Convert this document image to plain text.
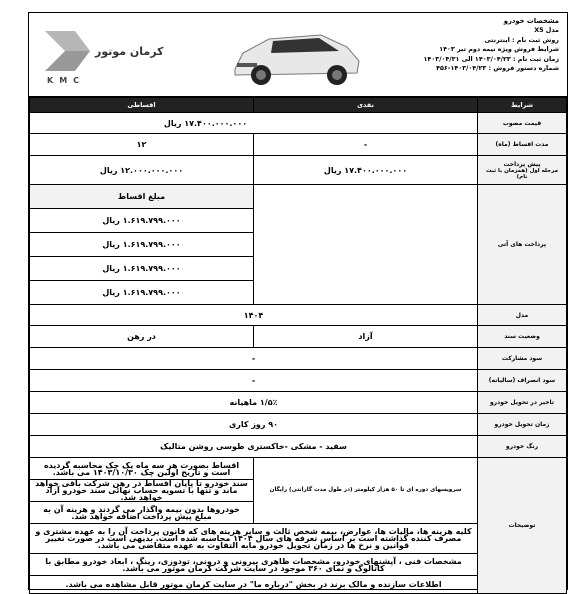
کرمان موتور
KMC
مشخصات خودرو
مدل X5
روش ثبت نام : اینترنتی
شرایط فروش ویژه نیمه دوم تیر ۱۴۰۳
زمان ثبت نام : ۱۴۰۳/۰۴/۲۳ الی ۱۴۰۳/۰۴/۳۱
شماره دستور فروش : ۱۴۰۳/۰۴/۲۳-۴۵۶
شرایط	نقدی	اقساطی
قیمت مصوب	۱۷.۴۰۰.۰۰۰.۰۰۰ ریال	
مدت اقساط (ماه)	-	۱۲
پیش پرداخت
مرحله اول (همزمان با ثبت نام)	۱۷.۴۰۰.۰۰۰.۰۰۰ ریال	۱۲.۰۰۰.۰۰۰.۰۰۰ ریال
پرداخت های آتی		مبلغ اقساط
		۱.۶۱۹.۷۹۹.۰۰۰ ریال
		۱.۶۱۹.۷۹۹.۰۰۰ ریال
		۱.۶۱۹.۷۹۹.۰۰۰ ریال
		۱.۶۱۹.۷۹۹.۰۰۰ ریال
مدل	۱۴۰۴	
وضعیت سند	آزاد	در رهن
سود مشارکت	-	
سود انصراف (سالیانه)	-	
تاخیر در تحویل خودرو	۱/۵٪ ماهیانه	
زمان تحویل خودرو	۹۰ روز کاری	
رنگ خودرو	سفید - مشکی -خاکستری طوسی روشن متالیک	
توضیحات	سرویسهای دوره ای تا ۵۰ هزار کیلومتر (در طول مدت گارانتی) رایگان	اقساط بصورت هر سه ماه یک چک محاسبه گردیده است و تاریخ اولین چک ۱۴۰۳/۱۰/۳۰ می باشد.
		سند خودرو تا پایان اقساط در رهن شرکت باقی خواهد ماند و تنها با تسویه حساب نهائی سند خودرو آزاد خواهد شد.
		خودروها بدون بیمه واگذار می گردند و هزینه آن به مبلغ پیش پرداخت اضافه خواهد شد.
	کلیه هزینه ها، مالیات ها، عوارض، بیمه شخص ثالث و سایر هزینه های که قانون پرداخت آن را به عهده مشتری و مصرف کننده گذاشته است بر اساس تعرفه های سال ۱۴۰۴ محاسبه شده است. بدیهی است در صورت تغییر قوانین و نرخ ها در زمان تحویل خودرو مابه التفاوت به عهده متقاضی می باشد.	
	مشخصات فنی ، آپشنهای خودرو، مشخصات ظاهری بیرونی و درونی، تودوزی، رینگ ، ابعاد خودرو مطابق با کاتالوگ و نمای ۳۶۰ موجود در سایت شرکت کرمان موتور می باشد.	
	اطلاعات سازنده و مالک برند در بخش "درباره ما" در سایت کرمان موتور قابل مشاهده می باشد.	
